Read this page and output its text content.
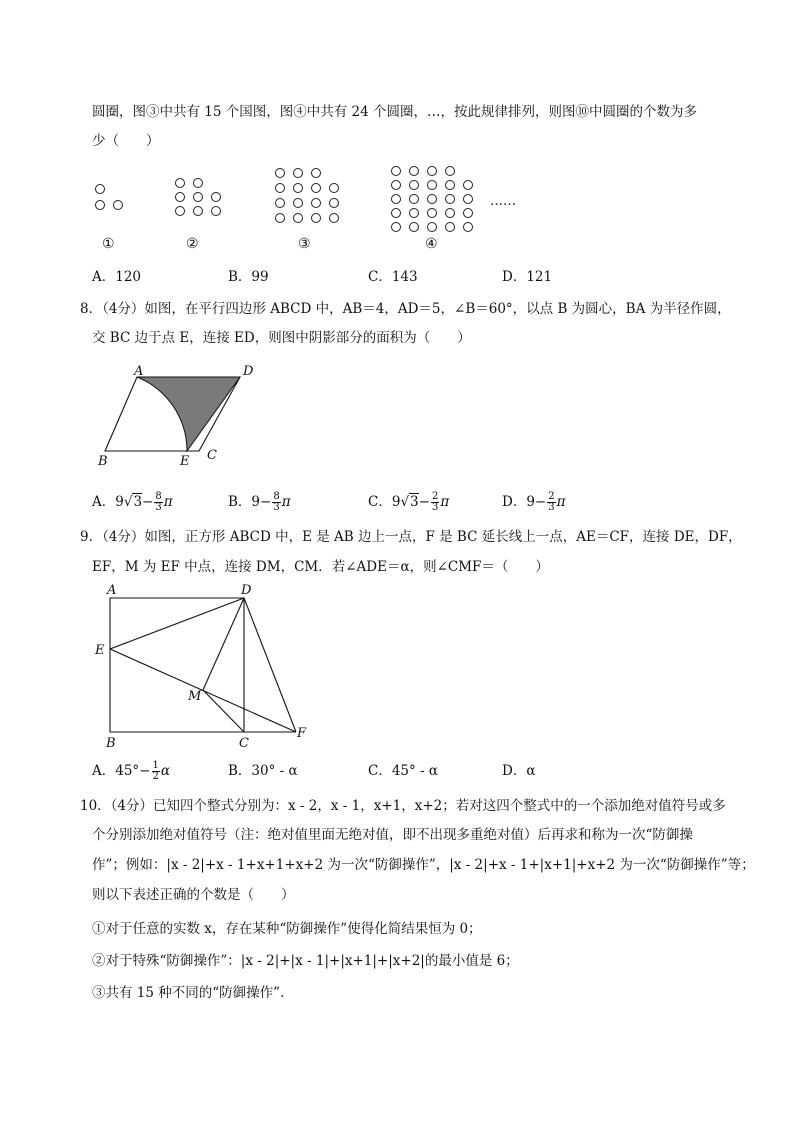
圆圈，图③中共有 15 个国图，图④中共有 24 个圆圈，…，按此规律排列，则图⑩中圆圈的个数为多
少（　　）
……
①	②	③	④
A．120	B．99	C．143	D．121
8．（4分）如图，在平行四边形 ABCD 中，AB＝4，AD＝5，∠B＝60°，以点 B 为圆心，BA 为半径作圆，
交 BC 边于点 E，连接 ED，则图中阴影部分的面积为（　　）
A	D
B	E C
A．$9√3- \frac{8}{3}$ π	B．$9- \frac{8}{3}$ π	C．$9√3- \frac{2}{3}$ π	D．$9- \frac{2}{3}$ π
9．（4分）如图，正方形 ABCD 中，E 是 AB 边上一点，F 是 BC 延长线上一点，AE＝CF，连接 DE，DF，
EF，M 为 EF 中点，连接 DM，CM．若∠ADE＝α，则∠CMF＝（　　）
A	D
E
M
B	C
F
A．$45^\circ- \frac{1}{2}$ α	B．30° - α	C．45° - α	D．α
10．（4分）已知四个整式分别为：x - 2，x - 1，x+1，x+2；若对这四个整式中的一个添加绝对值符号或多
个分别添加绝对值符号（注：绝对值里面无绝对值，即不出现多重绝对值）后再求和称为一次“防御操
作”；例如：|x - 2|+x - 1+x+1+x+2 为一次“防御操作”，|x - 2|+x - 1+|x+1|+x+2 为一次“防御操作”等；
则以下表述正确的个数是（　　）
①对于任意的实数 x，存在某种“防御操作”使得化简结果恒为 0；
②对于特殊“防御操作”：|x - 2|+|x - 1|+|x+1|+|x+2|的最小值是 6；
③共有 15 种不同的“防御操作”.
